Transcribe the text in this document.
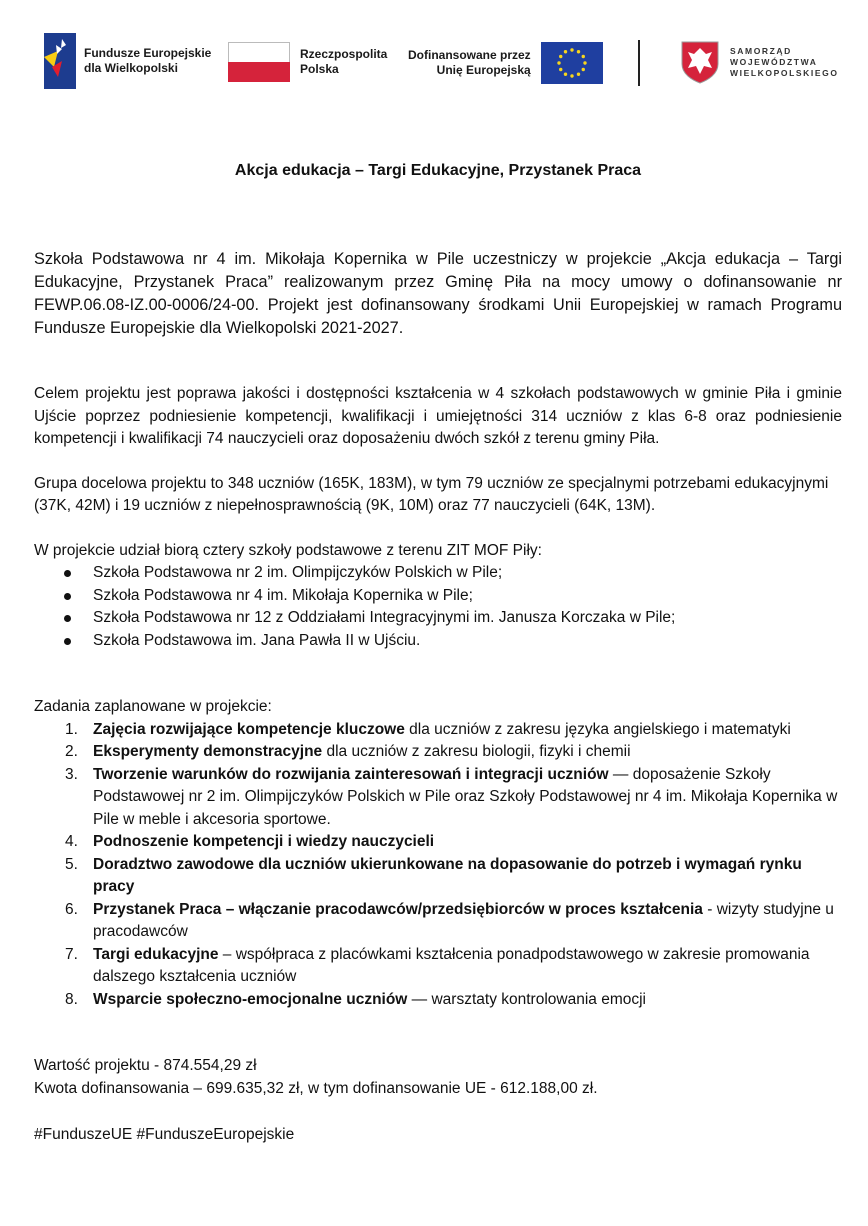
Fundusze Europejskie
dla Wielkopolski
Rzeczpospolita
Polska
Dofinansowane przez
Unię Europejską
SAMORZĄD
WOJEWÓDZTWA
WIELKOPOLSKIEGO
Akcja edukacja – Targi Edukacyjne, Przystanek Praca

Szkoła Podstawowa nr 4 im. Mikołaja Kopernika w Pile uczestniczy w projekcie „Akcja edukacja – Targi Edukacyjne, Przystanek Praca” realizowanym przez Gminę Piła na mocy umowy o dofinansowanie nr FEWP.06.08-IZ.00-0006/24-00. Projekt jest dofinansowany środkami Unii Europejskiej w ramach Programu Fundusze Europejskie dla Wielkopolski 2021-2027.

Celem projektu jest poprawa jakości i dostępności kształcenia w 4 szkołach podstawowych w gminie Piła i gminie Ujście poprzez podniesienie kompetencji, kwalifikacji i umiejętności 314 uczniów z klas 6-8 oraz podniesienie kompetencji i kwalifikacji 74 nauczycieli oraz doposażeniu dwóch szkół z terenu gminy Piła.

Grupa docelowa projektu to 348 uczniów (165K, 183M), w tym 79 uczniów ze specjalnymi potrzebami edukacyjnymi (37K, 42M) i 19 uczniów z niepełnosprawnością (9K, 10M) oraz 77 nauczycieli (64K, 13M).

W projekcie udział biorą cztery szkoły podstawowe z terenu ZIT MOF Piły:

Szkoła Podstawowa nr 2 im. Olimpijczyków Polskich w Pile;
Szkoła Podstawowa nr 4 im. Mikołaja Kopernika w Pile;
Szkoła Podstawowa nr 12 z Oddziałami Integracyjnymi im. Janusza Korczaka w Pile;
Szkoła Podstawowa im. Jana Pawła II w Ujściu.

Zadania zaplanowane w projekcie:

1. Zajęcia rozwijające kompetencje kluczowe dla uczniów z zakresu języka angielskiego i matematyki
2. Eksperymenty demonstracyjne dla uczniów z zakresu biologii, fizyki i chemii
3. Tworzenie warunków do rozwijania zainteresowań i integracji uczniów — doposażenie Szkoły Podstawowej nr 2 im. Olimpijczyków Polskich w Pile oraz Szkoły Podstawowej nr 4 im. Mikołaja Kopernika w Pile w meble i akcesoria sportowe.
4. Podnoszenie kompetencji i wiedzy nauczycieli
5. Doradztwo zawodowe dla uczniów ukierunkowane na dopasowanie do potrzeb i wymagań rynku pracy
6. Przystanek Praca – włączanie pracodawców/przedsiębiorców w proces kształcenia - wizyty studyjne u pracodawców
7. Targi edukacyjne – współpraca z placówkami kształcenia ponadpodstawowego w zakresie promowania dalszego kształcenia uczniów
8. Wsparcie społeczno-emocjonalne uczniów — warsztaty kontrolowania emocji

Wartość projektu - 874.554,29 zł

Kwota dofinansowania – 699.635,32 zł, w tym dofinansowanie UE - 612.188,00 zł.

#FunduszeUE #FunduszeEuropejskie
